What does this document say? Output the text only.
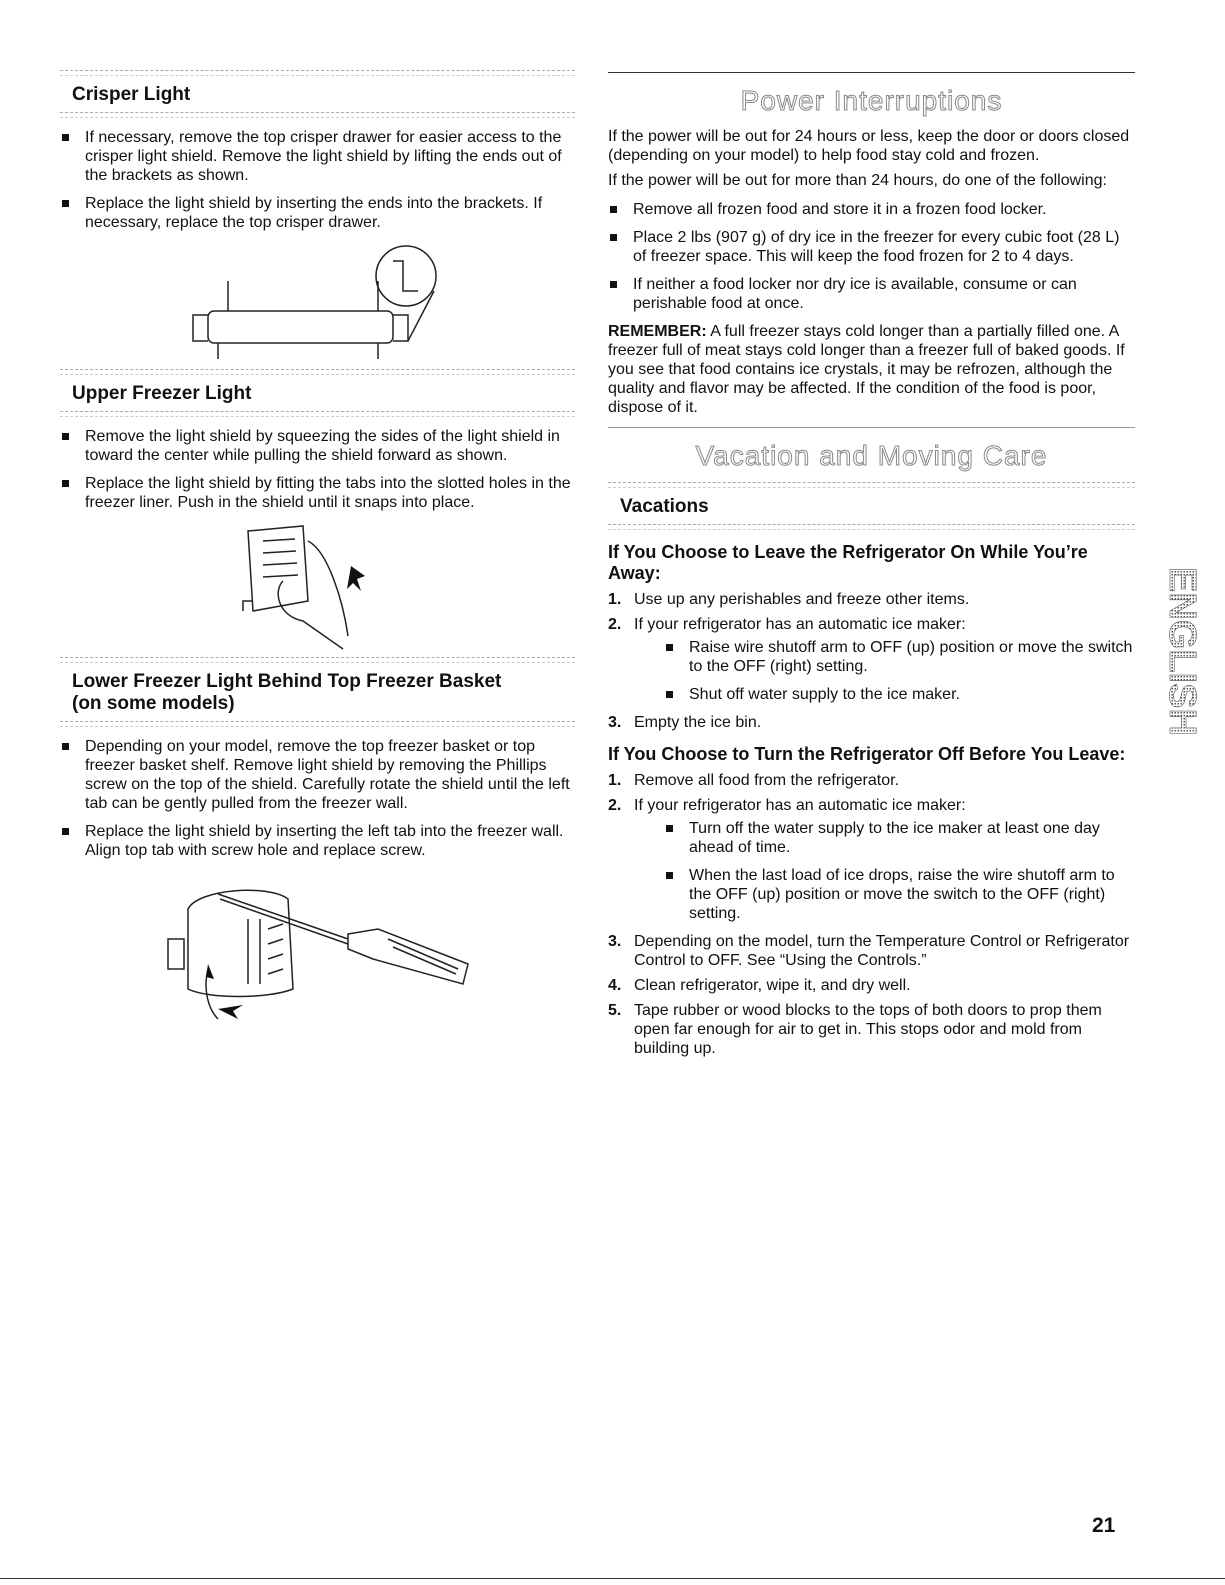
Crisper Light
If necessary, remove the top crisper drawer for easier access to the crisper light shield. Remove the light shield by lifting the ends out of the brackets as shown.
Replace the light shield by inserting the ends into the brackets. If necessary, replace the top crisper drawer.
Upper Freezer Light
Remove the light shield by squeezing the sides of the light shield in toward the center while pulling the shield forward as shown.
Replace the light shield by fitting the tabs into the slotted holes in the freezer liner. Push in the shield until it snaps into place.
Lower Freezer Light Behind Top Freezer Basket
(on some models)
Depending on your model, remove the top freezer basket or top freezer basket shelf. Remove light shield by removing the Phillips screw on the top of the shield. Carefully rotate the shield until the left tab can be gently pulled from the freezer wall.
Replace the light shield by inserting the left tab into the freezer wall. Align top tab with screw hole and replace screw.
Power Interruptions

If the power will be out for 24 hours or less, keep the door or doors closed (depending on your model) to help food stay cold and frozen.

If the power will be out for more than 24 hours, do one of the following:

Remove all frozen food and store it in a frozen food locker.
Place 2 lbs (907 g) of dry ice in the freezer for every cubic foot (28 L) of freezer space. This will keep the food frozen for 2 to 4 days.
If neither a food locker nor dry ice is available, consume or can perishable food at once.

REMEMBER: A full freezer stays cold longer than a partially filled one. A freezer full of meat stays cold longer than a freezer full of baked goods. If you see that food contains ice crystals, it may be refrozen, although the quality and flavor may be affected. If the condition of the food is poor, dispose of it.

Vacation and Moving Care
Vacations
If You Choose to Leave the Refrigerator On While You’re Away:
1. Use up any perishables and freeze other items.
2. If your refrigerator has an automatic ice maker:
Raise wire shutoff arm to OFF (up) position or move the switch to the OFF (right) setting.
Shut off water supply to the ice maker.
3. Empty the ice bin.
If You Choose to Turn the Refrigerator Off Before You Leave:
1. Remove all food from the refrigerator.
2. If your refrigerator has an automatic ice maker:
Turn off the water supply to the ice maker at least one day ahead of time.
When the last load of ice drops, raise the wire shutoff arm to the OFF (up) position or move the switch to the OFF (right) setting.
3. Depending on the model, turn the Temperature Control or Refrigerator Control to OFF. See “Using the Controls.”
4. Clean refrigerator, wipe it, and dry well.
5. Tape rubber or wood blocks to the tops of both doors to prop them open far enough for air to get in. This stops odor and mold from building up.
ENGLISH
21
